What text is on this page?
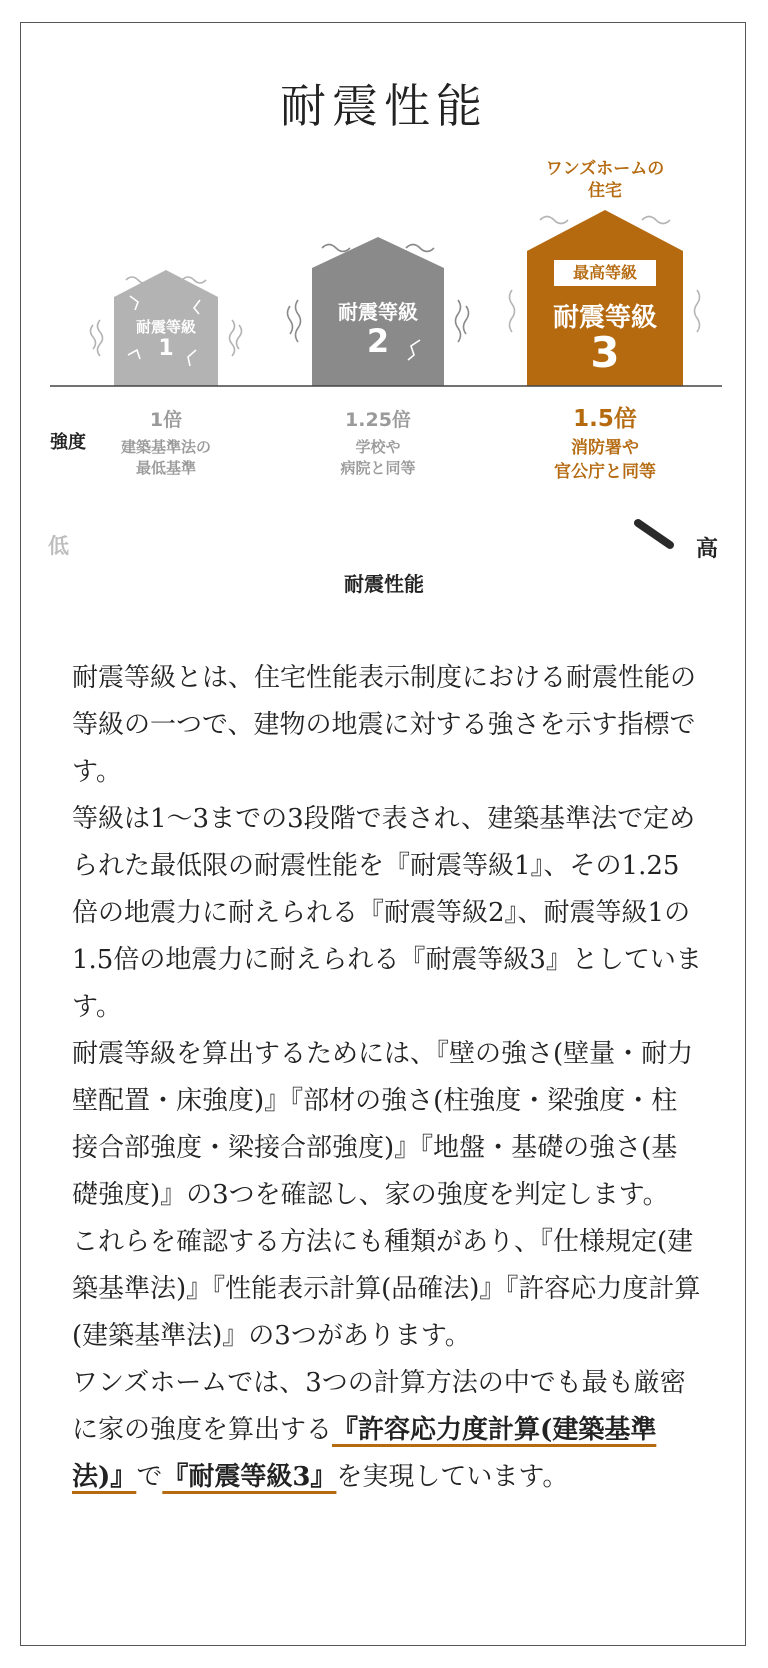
耐震性能
耐震等級
1
耐震等級
2
最高等級
耐震等級
3
ワンズホームの
住宅
強度
1倍
建築基準法の
最低基準
1.25倍
学校や
病院と同等
1.5倍
消防署や
官公庁と同等
低	高
耐震性能

耐震等級とは、住宅性能表示制度における耐震性能の等級の一つで、建物の地震に対する強さを示す指標です。

等級は1〜3までの3段階で表され、建築基準法で定められた最低限の耐震性能を『耐震等級1』、その1.25倍の地震力に耐えられる『耐震等級2』、耐震等級1の1.5倍の地震力に耐えられる『耐震等級3』としています。

耐震等級を算出するためには、『壁の強さ(壁量・耐力壁配置・床強度)』『部材の強さ(柱強度・梁強度・柱接合部強度・梁接合部強度)』『地盤・基礎の強さ(基礎強度)』の3つを確認し、家の強度を判定します。

これらを確認する方法にも種類があり、『仕様規定(建築基準法)』『性能表示計算(品確法)』『許容応力度計算(建築基準法)』の3つがあります。

ワンズホームでは、3つの計算方法の中でも最も厳密に家の強度を算出する『許容応力度計算(建築基準法)』で『耐震等級3』を実現しています。
